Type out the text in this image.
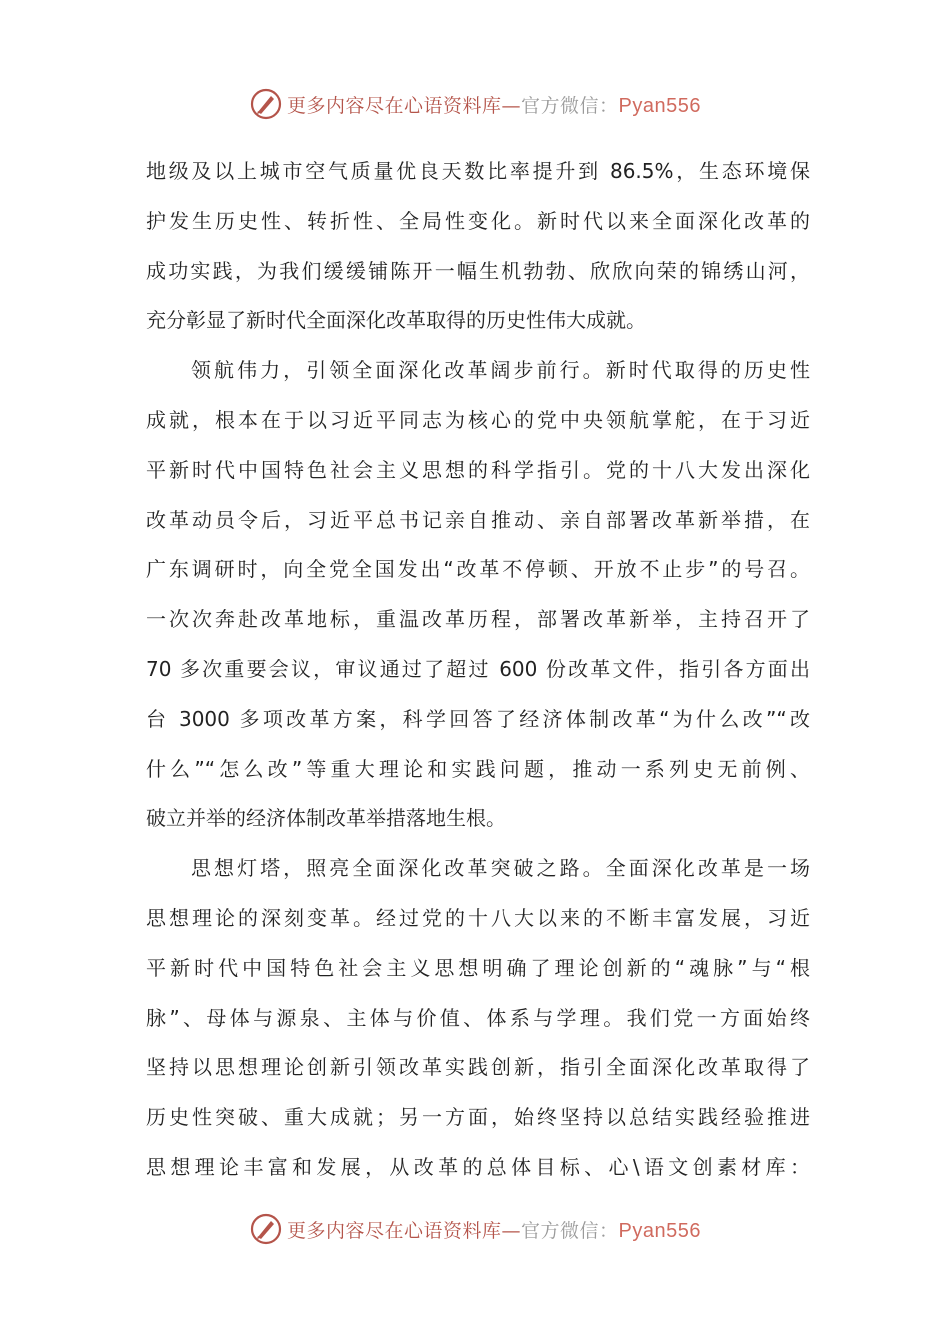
更多内容尽在心语资料库—官方微信：Pyan556
地级及以上城市空气质量优良天数比率提升到 86.5%，生态环境保
护发生历史性、转折性、全局性变化。新时代以来全面深化改革的
成功实践，为我们缓缓铺陈开一幅生机勃勃、欣欣向荣的锦绣山河，
充分彰显了新时代全面深化改革取得的历史性伟大成就。
领航伟力，引领全面深化改革阔步前行。新时代取得的历史性
成就，根本在于以习近平同志为核心的党中央领航掌舵，在于习近
平新时代中国特色社会主义思想的科学指引。党的十八大发出深化
改革动员令后，习近平总书记亲自推动、亲自部署改革新举措，在
广东调研时，向全党全国发出“改革不停顿、开放不止步”的号召。
一次次奔赴改革地标，重温改革历程，部署改革新举，主持召开了
70 多次重要会议，审议通过了超过 600 份改革文件，指引各方面出
台 3000 多项改革方案，科学回答了经济体制改革“为什么改”“改
什么”“怎么改”等重大理论和实践问题，推动一系列史无前例、
破立并举的经济体制改革举措落地生根。
思想灯塔，照亮全面深化改革突破之路。全面深化改革是一场
思想理论的深刻变革。经过党的十八大以来的不断丰富发展，习近
平新时代中国特色社会主义思想明确了理论创新的“魂脉”与“根
脉”、母体与源泉、主体与价值、体系与学理。我们党一方面始终
坚持以思想理论创新引领改革实践创新，指引全面深化改革取得了
历史性突破、重大成就；另一方面，始终坚持以总结实践经验推进
思想理论丰富和发展，从改革的总体目标、心\语文创素材库：
更多内容尽在心语资料库—官方微信：Pyan556
